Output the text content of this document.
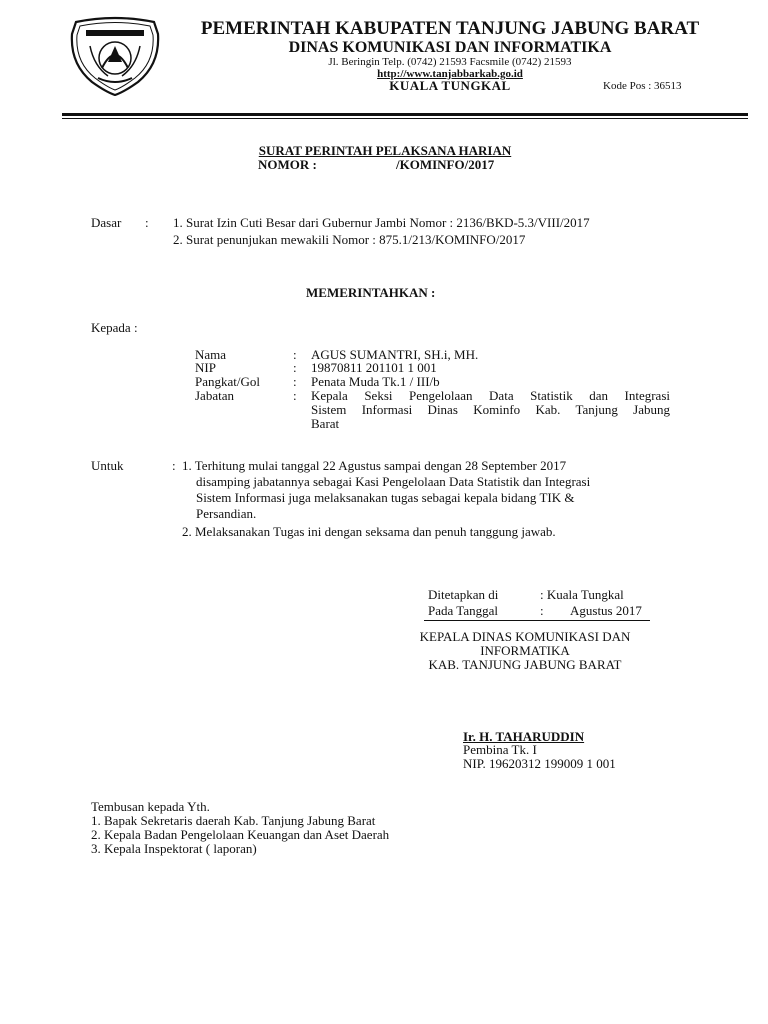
PEMERINTAH KABUPATEN TANJUNG JABUNG BARAT
DINAS KOMUNIKASI DAN INFORMATIKA
Jl. Beringin Telp. (0742) 21593 Facsmile (0742) 21593
http://www.tanjabbarkab.go.id
KUALA TUNGKAL	Kode Pos : 36513
SURAT PERINTAH PELAKSANA HARIAN
NOMOR :	/KOMINFO/2017
Dasar : 1. Surat Izin Cuti Besar dari Gubernur Jambi Nomor : 2136/BKD-5.3/VIII/2017
2. Surat penunjukan mewakili Nomor : 875.1/213/KOMINFO/2017
MEMERINTAHKAN :
Kepada :
Nama	: AGUS SUMANTRI, SH.i, MH.
NIP	: 19870811 201101 1 001
Pangkat/Gol	: Penata Muda Tk.1 / III/b
Jabatan	: Kepala Seksi Pengelolaan Data Statistik dan Integrasi
Sistem Informasi Dinas Kominfo Kab. Tanjung Jabung
Barat
Untuk	: 1. Terhitung mulai tanggal 22 Agustus sampai dengan 28 September 2017
disamping jabatannya sebagai Kasi Pengelolaan Data Statistik dan Integrasi
Sistem Informasi juga melaksanakan tugas sebagai kepala bidang TIK &
Persandian.
2. Melaksanakan Tugas ini dengan seksama dan penuh tanggung jawab.
Ditetapkan di	: Kuala Tungkal
Pada Tanggal	: Agustus 2017
KEPALA DINAS KOMUNIKASI DAN
INFORMATIKA
KAB. TANJUNG JABUNG BARAT
Ir. H. TAHARUDDIN
Pembina Tk. I
NIP. 19620312 199009 1 001
Tembusan kepada Yth.
1. Bapak Sekretaris daerah Kab. Tanjung Jabung Barat
2. Kepala Badan Pengelolaan Keuangan dan Aset Daerah
3. Kepala Inspektorat ( laporan)
